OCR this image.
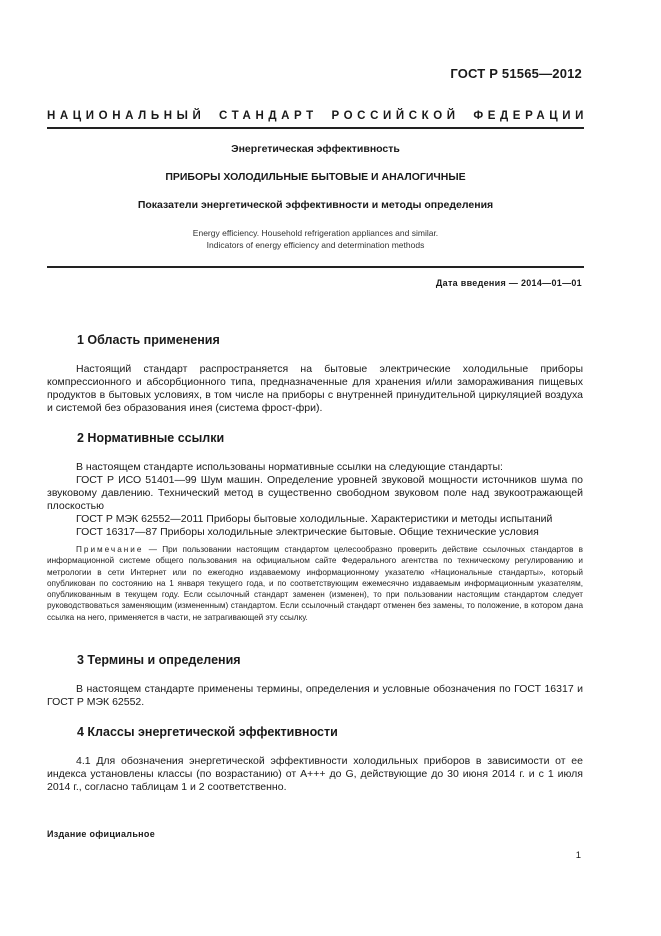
ГОСТ Р 51565—2012
НАЦИОНАЛЬНЫЙ СТАНДАРТ РОССИЙСКОЙ ФЕДЕРАЦИИ
Энергетическая эффективность
ПРИБОРЫ ХОЛОДИЛЬНЫЕ БЫТОВЫЕ И АНАЛОГИЧНЫЕ
Показатели энергетической эффективности и методы определения
Energy efficiency. Household refrigeration appliances and similar.
Indicators of energy efficiency and determination methods
Дата введения — 2014—01—01
1 Область применения
Настоящий стандарт распространяется на бытовые электрические холодильные приборы компрессионного и абсорбционного типа, предназначенные для хранения и/или замораживания пищевых продуктов в бытовых условиях, в том числе на приборы с внутренней принудительной циркуляцией воздуха и системой без образования инея (система фрост-фри).
2 Нормативные ссылки
В настоящем стандарте использованы нормативные ссылки на следующие стандарты:
ГОСТ Р ИСО 51401—99 Шум машин. Определение уровней звуковой мощности источников шума по звуковому давлению. Технический метод в существенно свободном звуковом поле над звукоотражающей плоскостью
ГОСТ Р МЭК 62552—2011 Приборы бытовые холодильные. Характеристики и методы испытаний
ГОСТ 16317—87 Приборы холодильные электрические бытовые. Общие технические условия
Примечание — При пользовании настоящим стандартом целесообразно проверить действие ссылочных стандартов в информационной системе общего пользования на официальном сайте Федерального агентства по техническому регулированию и метрологии в сети Интернет или по ежегодно издаваемому информационному указателю «Национальные стандарты», который опубликован по состоянию на 1 января текущего года, и по соответствующим ежемесячно издаваемым информационным указателям, опубликованным в текущем году. Если ссылочный стандарт заменен (изменен), то при пользовании настоящим стандартом следует руководствоваться заменяющим (измененным) стандартом. Если ссылочный стандарт отменен без замены, то положение, в котором дана ссылка на него, применяется в части, не затрагивающей эту ссылку.
3 Термины и определения
В настоящем стандарте применены термины, определения и условные обозначения по ГОСТ 16317 и ГОСТ Р МЭК 62552.
4 Классы энергетической эффективности
4.1 Для обозначения энергетической эффективности холодильных приборов в зависимости от ее индекса установлены классы (по возрастанию) от А+++ до G, действующие до 30 июня 2014 г. и с 1 июля 2014 г., согласно таблицам 1 и 2 соответственно.
Издание официальное
1
